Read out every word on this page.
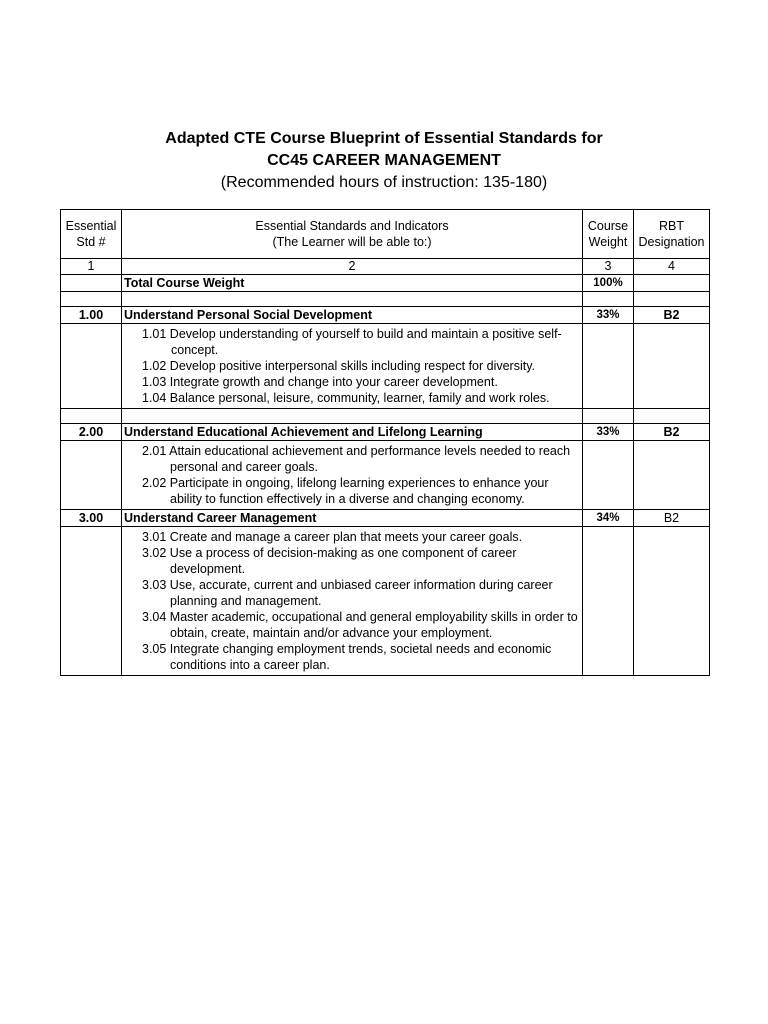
Adapted CTE Course Blueprint of Essential Standards for
CC45 CAREER MANAGEMENT
(Recommended hours of instruction: 135-180)
Essential Std #	Essential Standards and Indicators
(The Learner will be able to:)	Course Weight	RBT Designation
1	2	3	4
	Total Course Weight	100%	

1.00	Understand Personal Social Development	33%	B2

	1.01 Develop understanding of yourself to build and maintain a positive self-concept.
1.02 Develop positive interpersonal skills including respect for diversity.
1.03 Integrate growth and change into your career development.
1.04 Balance personal, leisure, community, learner, family and work roles.		

2.00	Understand Educational Achievement and Lifelong Learning	33%	B2

	2.01 Attain educational achievement and performance levels needed to reach personal and career goals.
2.02 Participate in ongoing, lifelong learning experiences to enhance your ability to function effectively in a diverse and changing economy.		

3.00	Understand Career Management	34%	B2

	3.01 Create and manage a career plan that meets your career goals.
3.02 Use a process of decision-making as one component of career development.
3.03 Use, accurate, current and unbiased career information during career planning and management.
3.04 Master academic, occupational and general employability skills in order to obtain, create, maintain and/or advance your employment.
3.05 Integrate changing employment trends, societal needs and economic conditions into a career plan.		
